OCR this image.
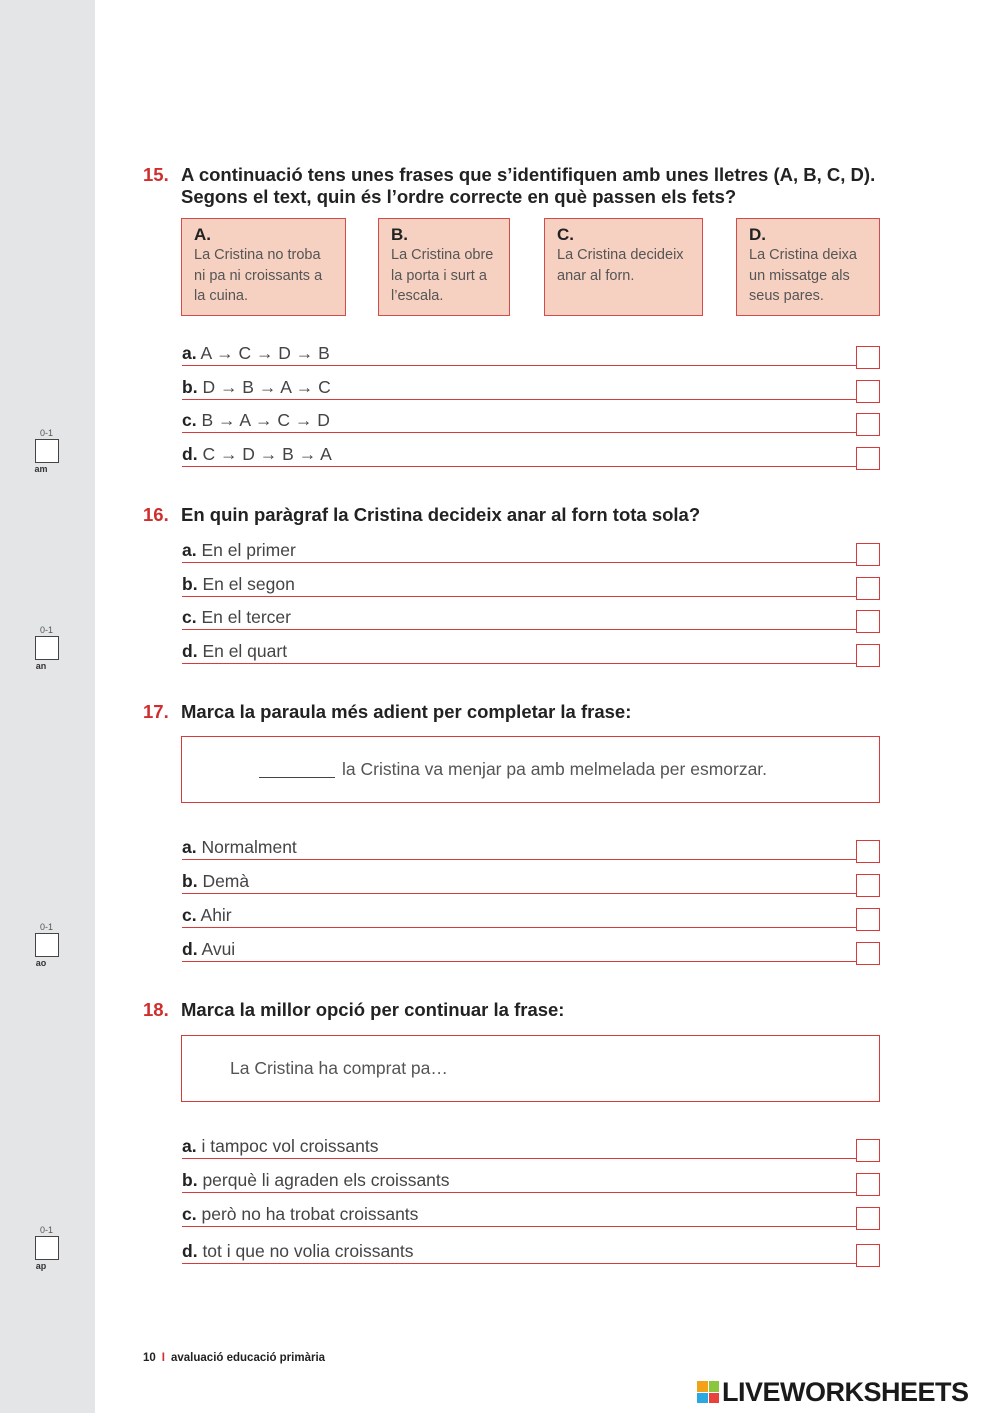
0-1
am
0-1
an
0-1
ao
0-1
ap
15. A continuació tens unes frases que s’identifiquen amb unes lletres (A, B, C, D). Segons el text, quin és l’ordre correcte en què passen els fets?
A.
La Cristina no troba ni pa ni croissants a la cuina.
B.
La Cristina obre la porta i surt a l’escala.
C.
La Cristina decideix anar al forn.
D.
La Cristina deixa un missatge als seus pares.
a. A → C → D → B
b. D → B → A → C
c. B → A → C → D
d. C → D → B → A
16. En quin paràgraf la Cristina decideix anar al forn tota sola?
a. En el primer
b. En el segon
c. En el tercer
d. En el quart
17. Marca la paraula més adient per completar la frase:
la Cristina va menjar pa amb melmelada per esmorzar.
a. Normalment
b. Demà
c. Ahir
d. Avui
18. Marca la millor opció per continuar la frase:
La Cristina ha comprat pa…
a. i tampoc vol croissants
b. perquè li agraden els croissants
c. però no ha trobat croissants
d. tot i que no volia croissants
10 I avaluació educació primària
LIVEWORKSHEETS
